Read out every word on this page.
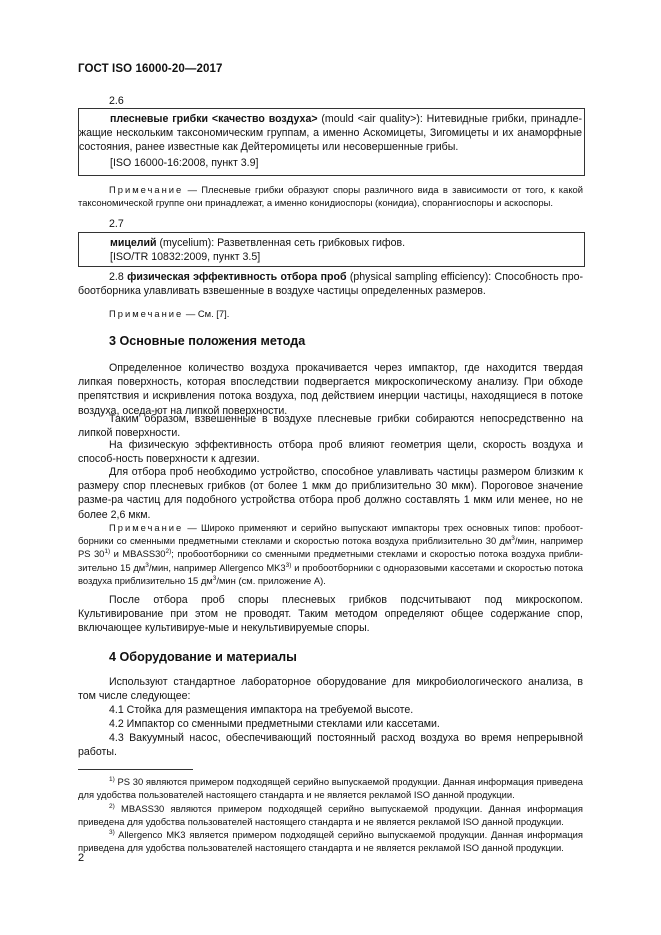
ГОСТ ISO 16000-20—2017
2.6
плесневые грибки <качество воздуха> (mould <air quality>): Нитевидные грибки, принадле-жащие нескольким таксономическим группам, а именно Аскомицеты, Зигомицеты и их анаморфные состояния, ранее известные как Дейтеромицеты или несовершенные грибы.
[ISO 16000-16:2008, пункт 3.9]
Примечание — Плесневые грибки образуют споры различного вида в зависимости от того, к какой таксономической группе они принадлежат, а именно конидиоспоры (конидиа), спорангиоспоры и аскоспоры.
2.7
мицелий (mycelium): Разветвленная сеть грибковых гифов.
[ISO/TR 10832:2009, пункт 3.5]
2.8 физическая эффективность отбора проб (physical sampling efficiency): Способность про-боотборника улавливать взвешенные в воздухе частицы определенных размеров.
Примечание — См. [7].
3 Основные положения метода
Определенное количество воздуха прокачивается через импактор, где находится твердая липкая поверхность, которая впоследствии подвергается микроскопическому анализу. При обходе препятствия и искривления потока воздуха, под действием инерции частицы, находящиеся в потоке воздуха, оседа-ют на липкой поверхности.
Таким образом, взвешенные в воздухе плесневые грибки собираются непосредственно на липкой поверхности.
На физическую эффективность отбора проб влияют геометрия щели, скорость воздуха и способ-ность поверхности к адгезии.
Для отбора проб необходимо устройство, способное улавливать частицы размером близким к размеру спор плесневых грибков (от более 1 мкм до приблизительно 30 мкм). Пороговое значение разме-ра частиц для подобного устройства отбора проб должно составлять 1 мкм или менее, но не более 2,6 мкм.
Примечание — Широко применяют и серийно выпускают импакторы трех основных типов: пробоот-борники со сменными предметными стеклами и скоростью потока воздуха приблизительно 30 $дм^3$/мин, например PS 30$^{1)}$ и MBASS30$^{2)}$; пробоотборники со сменными предметными стеклами и скоростью потока воздуха прибли-зительно 15 $дм^3$/мин, например Allergenco MK3$^{3)}$ и пробоотборники с одноразовыми кассетами и скоростью потока воздуха приблизительно 15 $дм^3$/мин (см. приложение А).
После отбора проб споры плесневых грибков подсчитывают под микроскопом. Культивирование при этом не проводят. Таким методом определяют общее содержание спор, включающее культивируе-мые и некультивируемые споры.
4 Оборудование и материалы
Используют стандартное лабораторное оборудование для микробиологического анализа, в том числе следующее:
4.1 Стойка для размещения импактора на требуемой высоте.
4.2 Импактор со сменными предметными стеклами или кассетами.
4.3 Вакуумный насос, обеспечивающий постоянный расход воздуха во время непрерывной работы.
$^{1)}$ PS 30 являются примером подходящей серийно выпускаемой продукции. Данная информация приведена для удобства пользователей настоящего стандарта и не является рекламой ISO данной продукции.
$^{2)}$ MBASS30 являются примером подходящей серийно выпускаемой продукции. Данная информация приведена для удобства пользователей настоящего стандарта и не является рекламой ISO данной продукции.
$^{3)}$ Allergenco MK3 является примером подходящей серийно выпускаемой продукции. Данная информация приведена для удобства пользователей настоящего стандарта и не является рекламой ISO данной продукции.
2
